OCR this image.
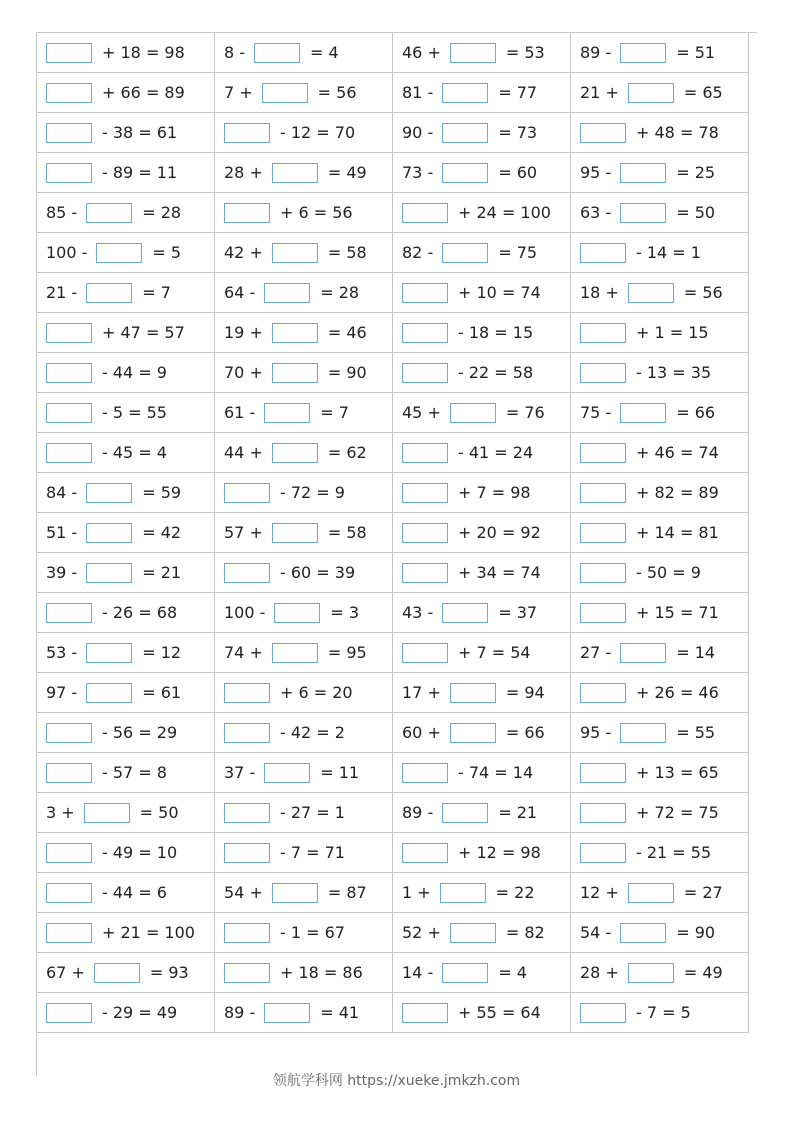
+ 18 = 98	8 - = 4	46 + = 53	89 - = 51
+ 66 = 89	7 + = 56	81 - = 77	21 + = 65
- 38 = 61	- 12 = 70	90 - = 73	+ 48 = 78
- 89 = 11	28 + = 49	73 - = 60	95 - = 25
85 - = 28	+ 6 = 56	+ 24 = 100	63 - = 50
100 - = 5	42 + = 58	82 - = 75	- 14 = 1
21 - = 7	64 - = 28	+ 10 = 74	18 + = 56
+ 47 = 57	19 + = 46	- 18 = 15	+ 1 = 15
- 44 = 9	70 + = 90	- 22 = 58	- 13 = 35
- 5 = 55	61 - = 7	45 + = 76	75 - = 66
- 45 = 4	44 + = 62	- 41 = 24	+ 46 = 74
84 - = 59	- 72 = 9	+ 7 = 98	+ 82 = 89
51 - = 42	57 + = 58	+ 20 = 92	+ 14 = 81
39 - = 21	- 60 = 39	+ 34 = 74	- 50 = 9
- 26 = 68	100 - = 3	43 - = 37	+ 15 = 71
53 - = 12	74 + = 95	+ 7 = 54	27 - = 14
97 - = 61	+ 6 = 20	17 + = 94	+ 26 = 46
- 56 = 29	- 42 = 2	60 + = 66	95 - = 55
- 57 = 8	37 - = 11	- 74 = 14	+ 13 = 65
3 + = 50	- 27 = 1	89 - = 21	+ 72 = 75
- 49 = 10	- 7 = 71	+ 12 = 98	- 21 = 55
- 44 = 6	54 + = 87	1 + = 22	12 + = 27
+ 21 = 100	- 1 = 67	52 + = 82	54 - = 90
67 + = 93	+ 18 = 86	14 - = 4	28 + = 49
- 29 = 49	89 - = 41	+ 55 = 64	- 7 = 5
领航学科网 https://xueke.jmkzh.com
